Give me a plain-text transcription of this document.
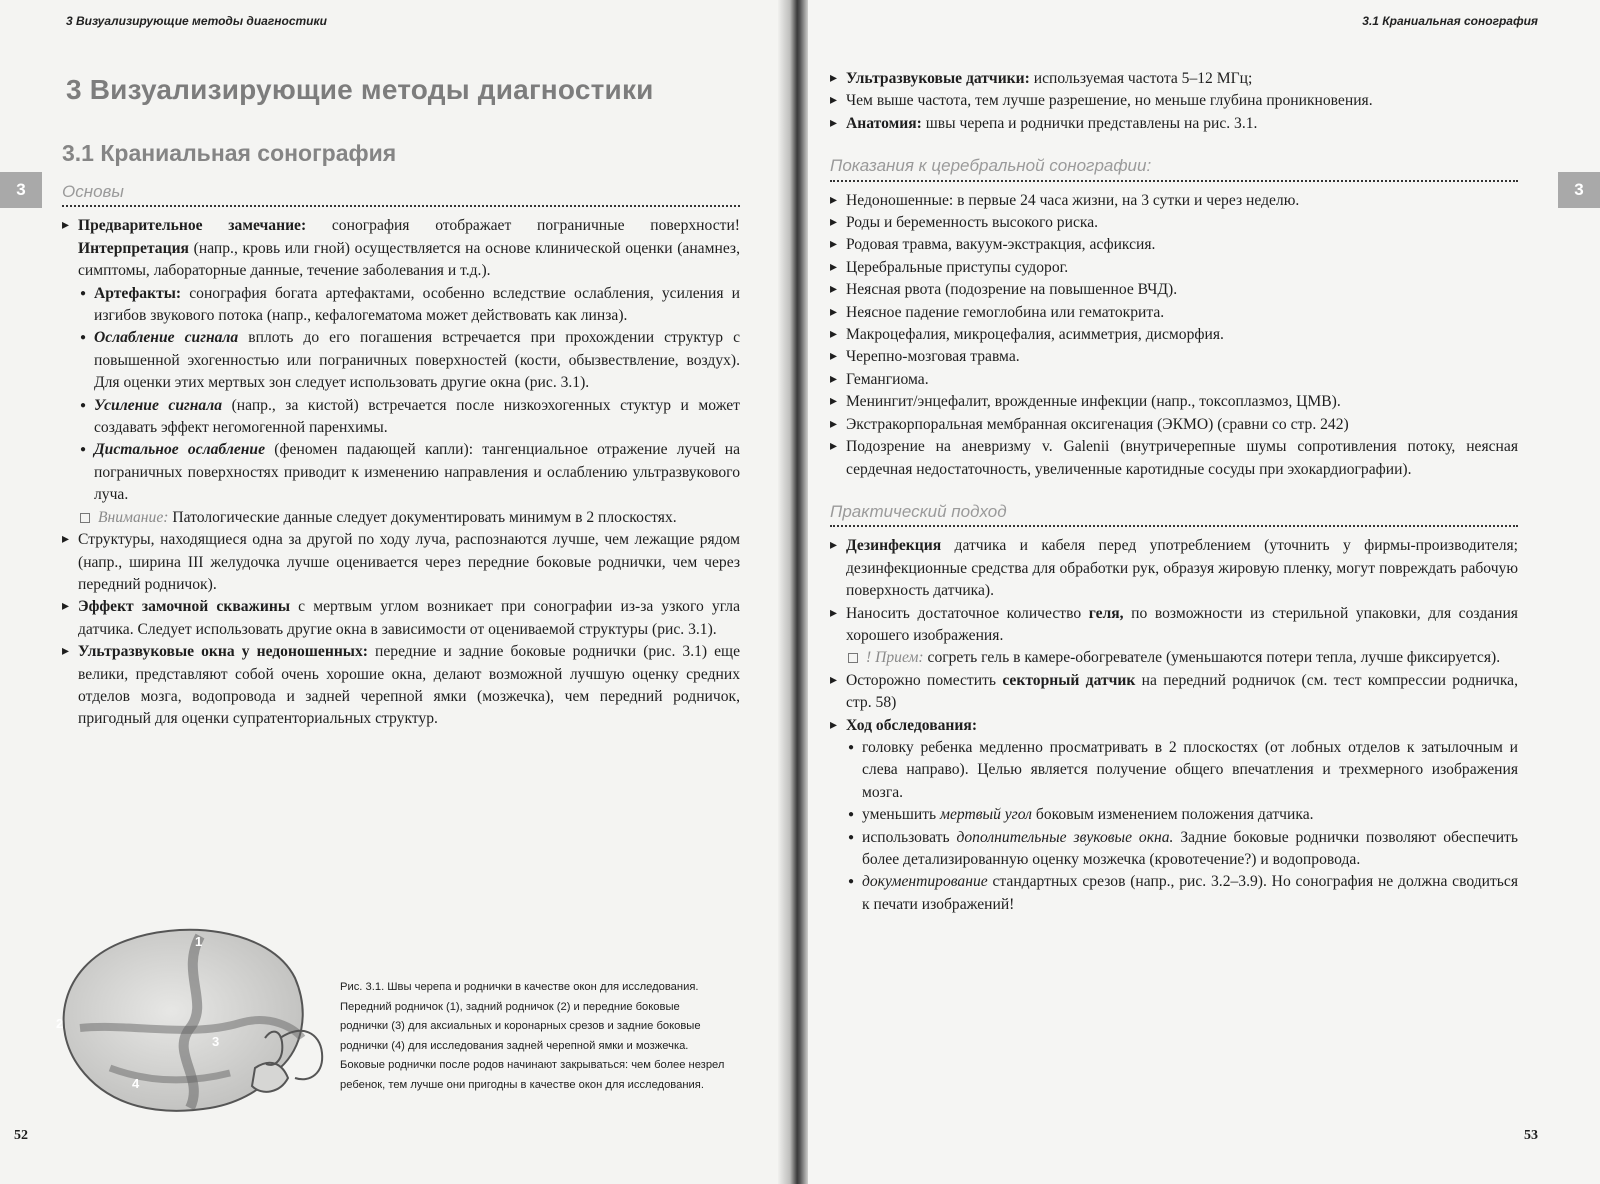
3 Визуализирующие методы диагностики
3 Визуализирующие методы диагностики
3.1 Краниальная сонография
3	Основы
▸ Предварительное замечание: сонография отображает пограничные поверхности! Интерпретация (напр., кровь или гной) осуществляется на основе клинической оценки (анамнез, симптомы, лабораторные данные, течение заболевания и т.д.).
● Артефакты: сонография богата артефактами, особенно вследствие ослабления, усиления и изгибов звукового потока (напр., кефалогематома может действовать как линза).
● Ослабление сигнала вплоть до его погашения встречается при прохождении структур с повышенной эхогенностью или пограничных поверхностей (кости, обызвествление, воздух). Для оценки этих мертвых зон следует использовать другие окна (рис. 3.1).
● Усиление сигнала (напр., за кистой) встречается после низкоэхогенных стуктур и может создавать эффект негомогенной паренхимы.
● Дистальное ослабление (феномен падающей капли): тангенциальное отражение лучей на пограничных поверхностях приводит к изменению направления и ослаблению ультразвукового луча.
Внимание: Патологические данные следует документировать минимум в 2 плоскостях.
▸ Структуры, находящиеся одна за другой по ходу луча, распознаются лучше, чем лежащие рядом (напр., ширина III желудочка лучше оценивается через передние боковые роднички, чем через передний родничок).
▸ Эффект замочной скважины с мертвым углом возникает при сонографии из-за узкого угла датчика. Следует использовать другие окна в зависимости от оцениваемой структуры (рис. 3.1).
▸ Ультразвуковые окна у недоношенных: передние и задние боковые роднички (рис. 3.1) еще велики, представляют собой очень хорошие окна, делают возможной лучшую оценку средних отделов мозга, водопровода и задней черепной ямки (мозжечка), чем передний родничок, пригодный для оценки супратенториальных структур.
1
2
3
4
Рис. 3.1. Швы черепа и роднички в качестве окон для исследования. Передний родничок (1), задний родничок (2) и передние боковые роднички (3) для аксиальных и коронарных срезов и задние боковые роднички (4) для исследования задней черепной ямки и мозжечка. Боковые роднички после родов начинают закрываться: чем более незрел ребенок, тем лучше они пригодны в качестве окон для исследования.
52
3.1 Краниальная сонография
3
▸ Ультразвуковые датчики: используемая частота 5–12 МГц;
▸ Чем выше частота, тем лучше разрешение, но меньше глубина проникновения.
▸ Анатомия: швы черепа и роднички представлены на рис. 3.1.
Показания к церебральной сонографии:
▸ Недоношенные: в первые 24 часа жизни, на 3 сутки и через неделю.
▸ Роды и беременность высокого риска.
▸ Родовая травма, вакуум-экстракция, асфиксия.
▸ Церебральные приступы судорог.
▸ Неясная рвота (подозрение на повышенное ВЧД).
▸ Неясное падение гемоглобина или гематокрита.
▸ Макроцефалия, микроцефалия, асимметрия, дисморфия.
▸ Черепно-мозговая травма.
▸ Гемангиома.
▸ Менингит/энцефалит, врожденные инфекции (напр., токсоплазмоз, ЦМВ).
▸ Экстракорпоральная мембранная оксигенация (ЭКМО) (сравни со стр. 242)
▸ Подозрение на аневризму v. Galenii (внутричерепные шумы сопротивления потоку, неясная сердечная недостаточность, увеличенные каротидные сосуды при эхокардиографии).
Практический подход
▸ Дезинфекция датчика и кабеля перед употреблением (уточнить у фирмы-производителя; дезинфекционные средства для обработки рук, образуя жировую пленку, могут повреждать рабочую поверхность датчика).
▸ Наносить достаточное количество геля, по возможности из стерильной упаковки, для создания хорошего изображения.
! Прием: согреть гель в камере-обогревателе (уменьшаются потери тепла, лучше фиксируется).
▸ Осторожно поместить секторный датчик на передний родничок (см. тест компрессии родничка, стр. 58)
▸ Ход обследования:
● головку ребенка медленно просматривать в 2 плоскостях (от лобных отделов к затылочным и слева направо). Целью является получение общего впечатления и трехмерного изображения мозга.
● уменьшить мертвый угол боковым изменением положения датчика.
● использовать дополнительные звуковые окна. Задние боковые роднички позволяют обеспечить более детализированную оценку мозжечка (кровотечение?) и водопровода.
● документирование стандартных срезов (напр., рис. 3.2–3.9). Но сонография не должна сводиться к печати изображений!
53
